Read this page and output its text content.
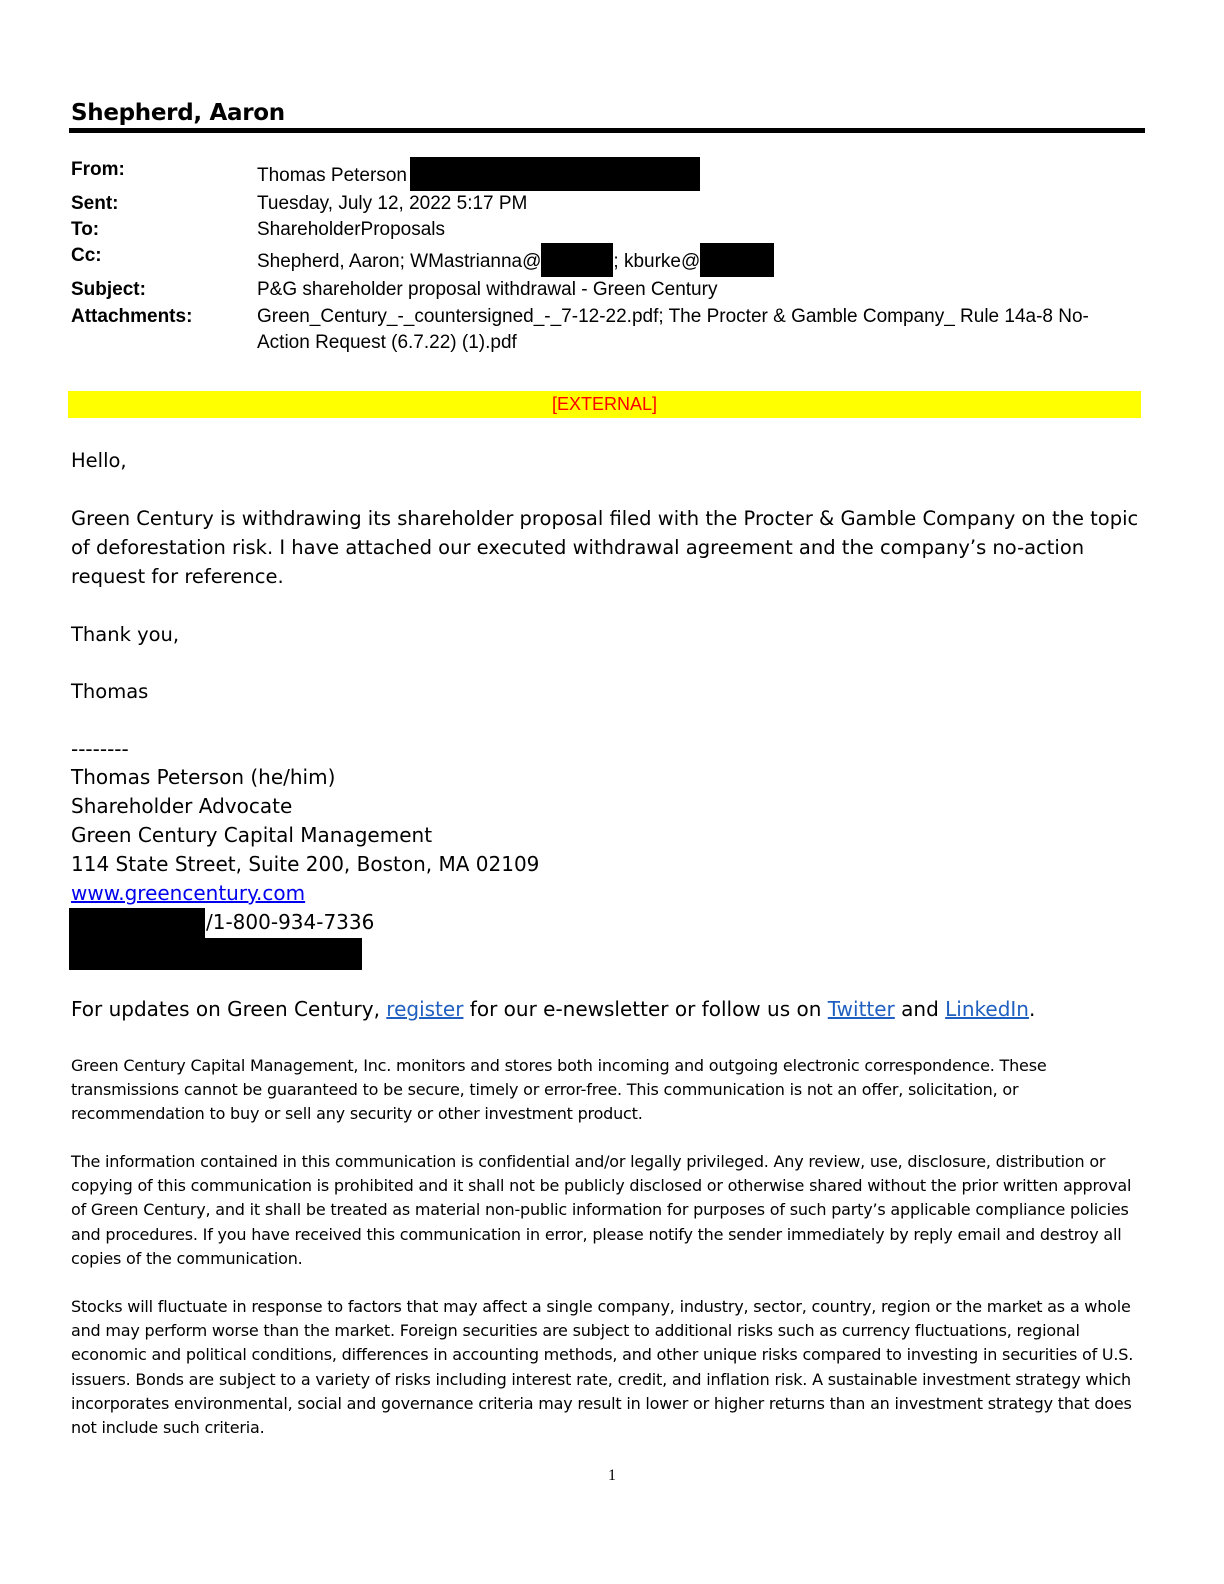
Shepherd, Aaron
From:	Thomas Peterson
Sent:	Tuesday, July 12, 2022 5:17 PM
To:	ShareholderProposals
Cc:	Shepherd, Aaron; WMastrianna@	; kburke@
Subject:	P&G shareholder proposal withdrawal - Green Century
Attachments:	Green_Century_-_countersigned_-_7-12-22.pdf; The Procter & Gamble Company_ Rule 14a-8 No-Action Request (6.7.22) (1).pdf
[EXTERNAL]
Hello,
Green Century is withdrawing its shareholder proposal filed with the Procter & Gamble Company on the topic of deforestation risk. I have attached our executed withdrawal agreement and the company’s no-action request for reference.
Thank you,
Thomas
--------
Thomas Peterson (he/him)
Shareholder Advocate
Green Century Capital Management
114 State Street, Suite 200, Boston, MA 02109
www.greencentury.com
/1-800-934-7336
For updates on Green Century, register for our e-newsletter or follow us on Twitter and LinkedIn.
Green Century Capital Management, Inc. monitors and stores both incoming and outgoing electronic correspondence. These transmissions cannot be guaranteed to be secure, timely or error-free. This communication is not an offer, solicitation, or recommendation to buy or sell any security or other investment product.
The information contained in this communication is confidential and/or legally privileged. Any review, use, disclosure, distribution or copying of this communication is prohibited and it shall not be publicly disclosed or otherwise shared without the prior written approval of Green Century, and it shall be treated as material non-public information for purposes of such party’s applicable compliance policies and procedures. If you have received this communication in error, please notify the sender immediately by reply email and destroy all copies of the communication.
Stocks will fluctuate in response to factors that may affect a single company, industry, sector, country, region or the market as a whole and may perform worse than the market. Foreign securities are subject to additional risks such as currency fluctuations, regional economic and political conditions, differences in accounting methods, and other unique risks compared to investing in securities of U.S. issuers. Bonds are subject to a variety of risks including interest rate, credit, and inflation risk. A sustainable investment strategy which incorporates environmental, social and governance criteria may result in lower or higher returns than an investment strategy that does not include such criteria.
1
